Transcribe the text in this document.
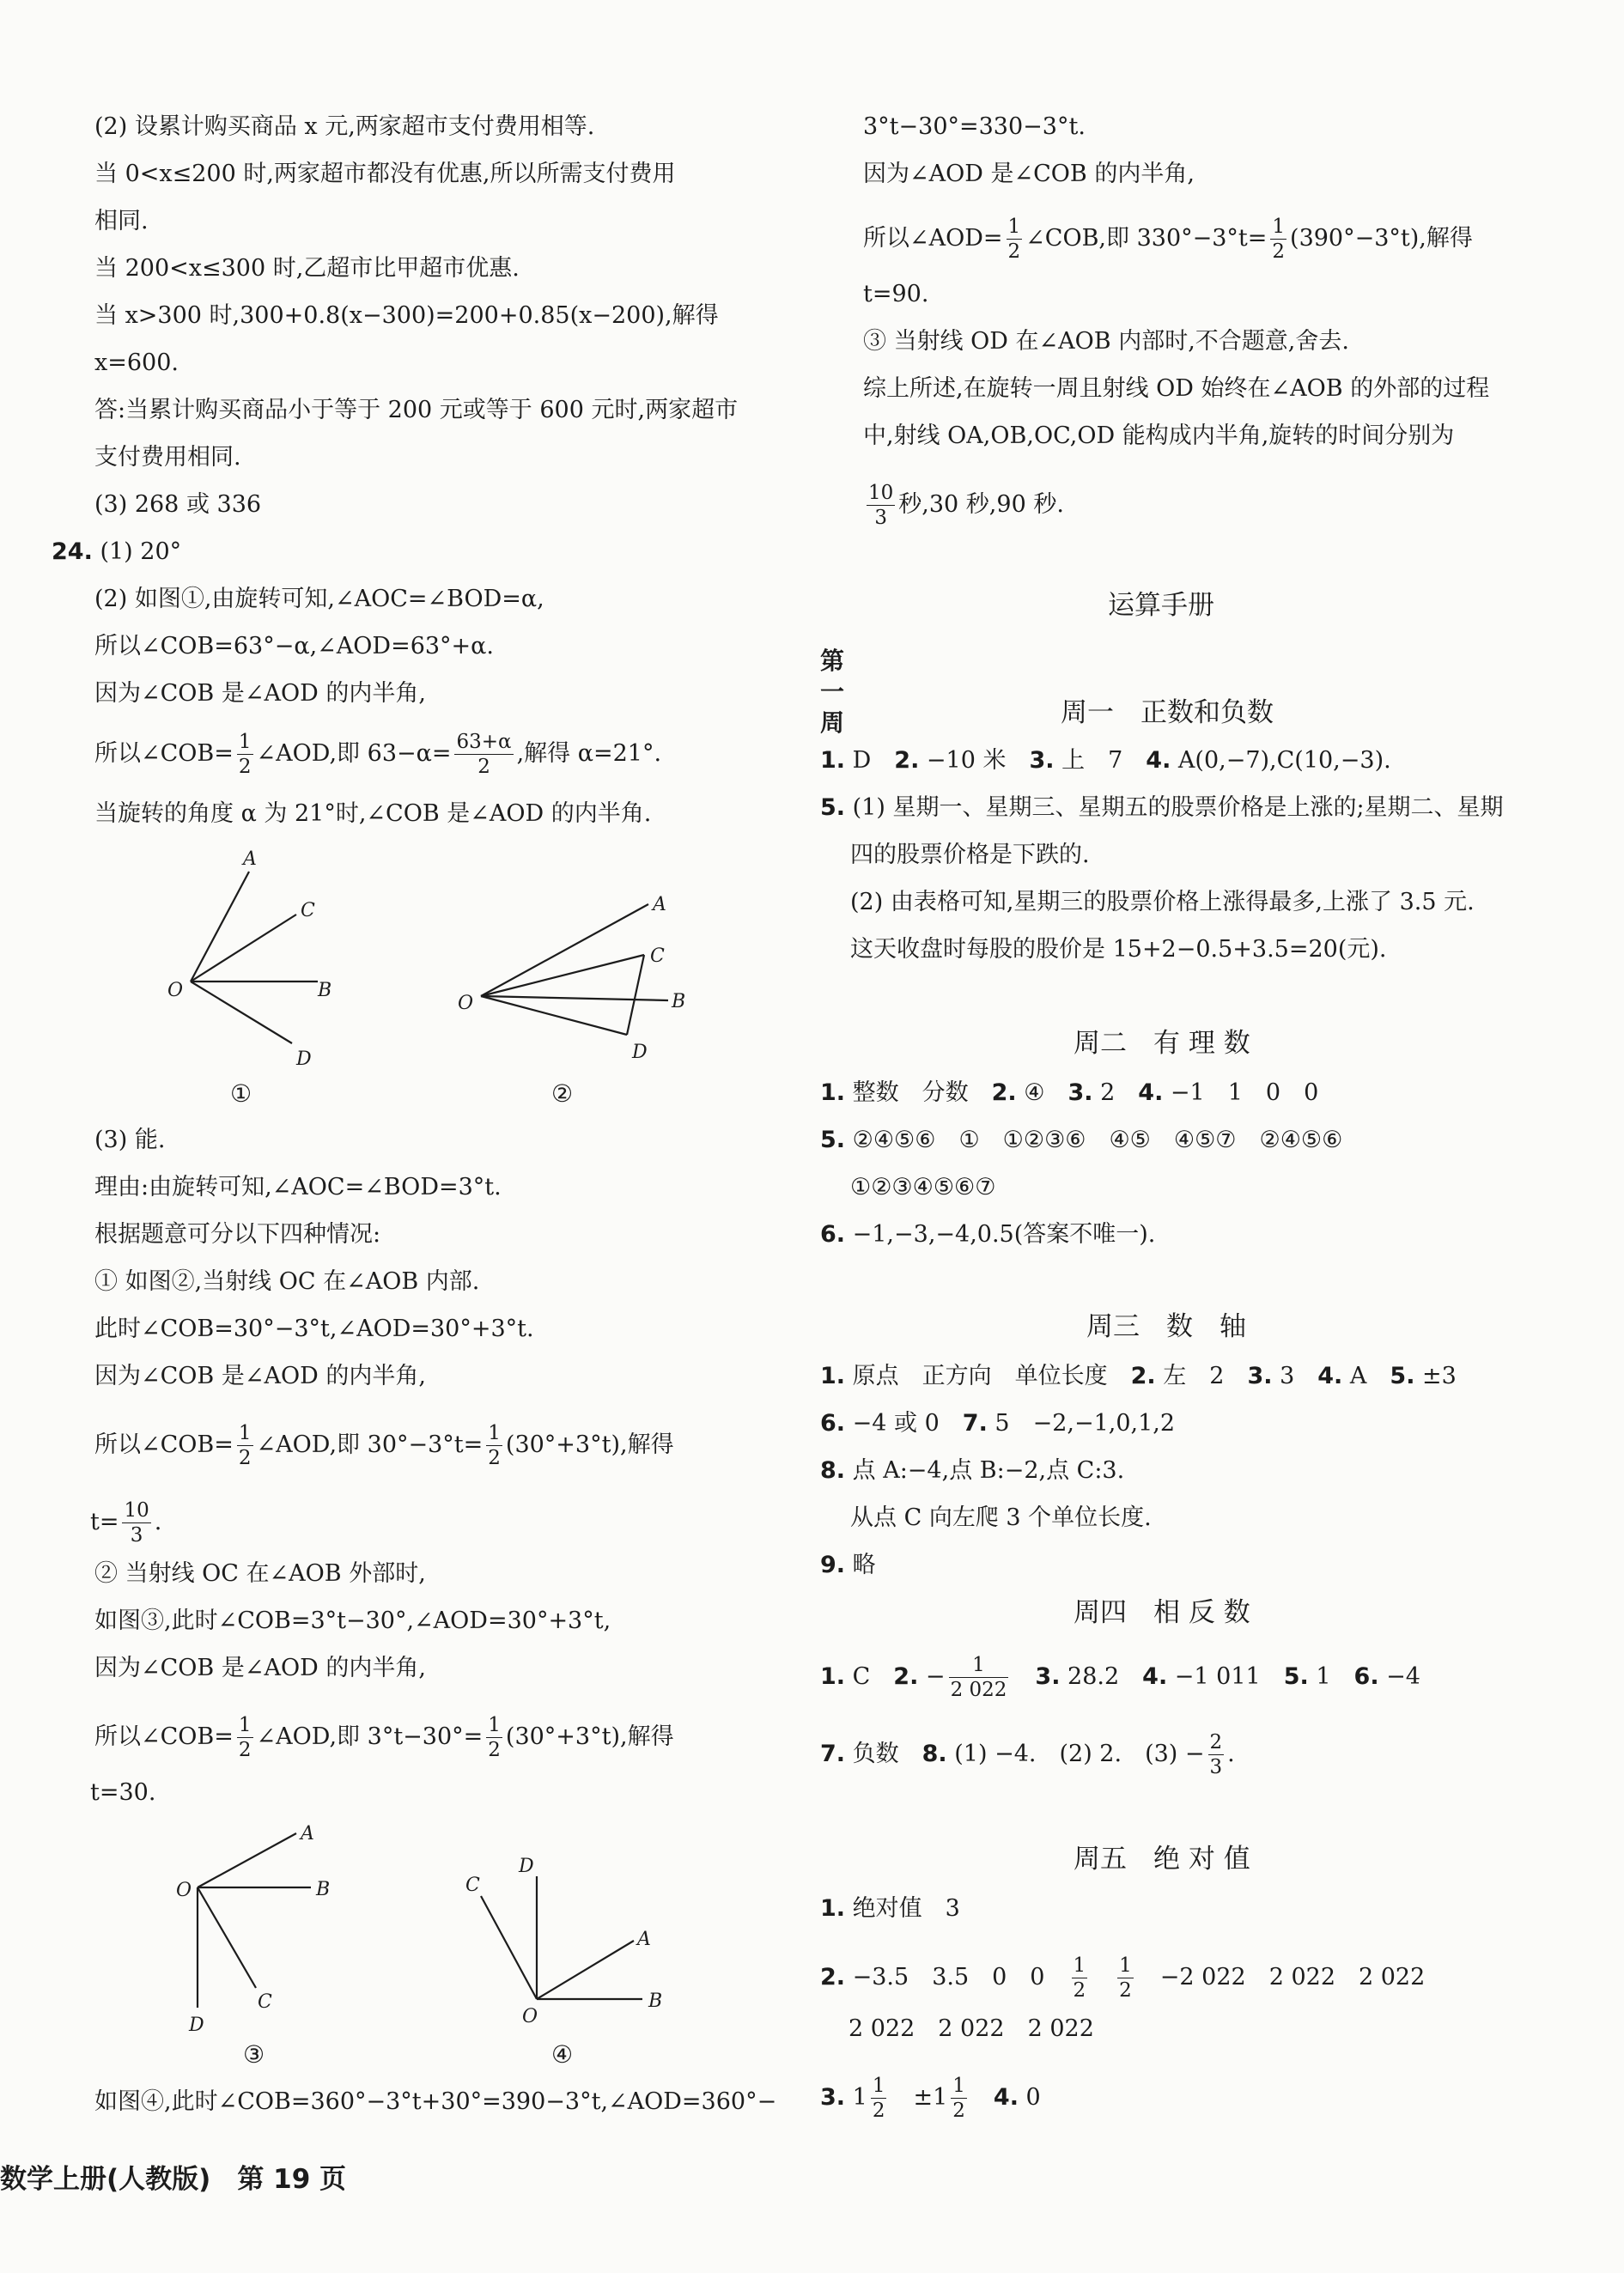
(2) 设累计购买商品 x 元,两家超市支付费用相等.
当 0<x≤200 时,两家超市都没有优惠,所以所需支付费用
相同.
当 200<x≤300 时,乙超市比甲超市优惠.
当 x>300 时,300+0.8(x−300)=200+0.85(x−200),解得
x=600.
答:当累计购买商品小于等于 200 元或等于 600 元时,两家超市
支付费用相同.
(3) 268 或 336
24. (1) 20°
(2) 如图①,由旋转可知,∠AOC=∠BOD=α,
所以∠COB=63°−α,∠AOD=63°+α.
因为∠COB 是∠AOD 的内半角,
所以∠COB= $\frac{1}{2}$ ∠AOD,即 $63-\alpha= \frac{63+\alpha}{2}$ ,解得 α=21°.
当旋转的角度 α 为 21°时,∠COB 是∠AOD 的内半角.
A
C
B
D
O
①
A
C
B
D
O
②
(3) 能.
理由:由旋转可知,∠AOC=∠BOD=3°t.
根据题意可分以下四种情况:
① 如图②,当射线 OC 在∠AOB 内部.
此时∠COB=30°−3°t,∠AOD=30°+3°t.
因为∠COB 是∠AOD 的内半角,
所以∠COB= $\frac{1}{2}$ ∠AOD,即 $30^\circ-3^\circ t= \frac{1}{2} (30^\circ+3^\circ t)$,解得
$t= \frac{10}{3}$ .
② 当射线 OC 在∠AOB 外部时,
如图③,此时∠COB=3°t−30°,∠AOD=30°+3°t,
因为∠COB 是∠AOD 的内半角,
所以∠COB= $\frac{1}{2}$ ∠AOD,即 $3^\circ t-30^\circ= \frac{1}{2} (30^\circ+3^\circ t)$,解得
t=30.
A
B
C
D
O
③
D
C
A
B
O
④
如图④,此时∠COB=360°−3°t+30°=390−3°t,∠AOD=360°−
3°t−30°=330−3°t.
因为∠AOD 是∠COB 的内半角,
所以∠AOD= $\frac{1}{2}$ ∠COB,即 $330^\circ-3^\circ t= \frac{1}{2} (390^\circ-3^\circ t)$,解得
t=90.
③ 当射线 OD 在∠AOB 内部时,不合题意,舍去.
综上所述,在旋转一周且射线 OD 始终在∠AOB 的外部的过程
中,射线 OA,OB,OC,OD 能构成内半角,旋转的时间分别为
$\frac{10}{3}$ 秒,30 秒,90 秒.
运算手册
第一周	周一　正数和负数
1. D　2. −10 米　3. 上　7　4. A(0,−7),C(10,−3).
5. (1) 星期一、星期三、星期五的股票价格是上涨的;星期二、星期
四的股票价格是下跌的.
(2) 由表格可知,星期三的股票价格上涨得最多,上涨了 3.5 元.
这天收盘时每股的股价是 15+2−0.5+3.5=20(元).
周二　有 理 数
1. 整数　分数　2. ④　3. 2　4. −1　1　0　0
5. ②④⑤⑥　①　①②③⑥　④⑤　④⑤⑦　②④⑤⑥
①②③④⑤⑥⑦
6. −1,−3,−4,0.5(答案不唯一).
周三　数　轴
1. 原点　正方向　单位长度　2. 左　2　3. 3　4. A　5. ±3
6. −4 或 0　7. 5　−2,−1,0,1,2
8. 点 A:−4,点 B:−2,点 C:3.
从点 C 向左爬 3 个单位长度.
9. 略
周四　相 反 数
1. C　2. − $\frac{1}{2 022}$
　 3. 28.2　4. −1 011　5. 1　6. −4
7. 负数　8. (1) −4.　(2) 2.　$(3) - \frac{2}{3}$ .
周五　绝 对 值
1. 绝对值　3
2. −3.5　3.5　0　0　 $\frac{1}{2}$
　 $\frac{1}{2}$
　 −2 022　2 022　2 022
2 022　2 022　2 022
3. $1 \frac{1}{2}$
　 $\pm 1 \frac{1}{2}$
　 4. 0
数学上册(人教版)　第 19 页
